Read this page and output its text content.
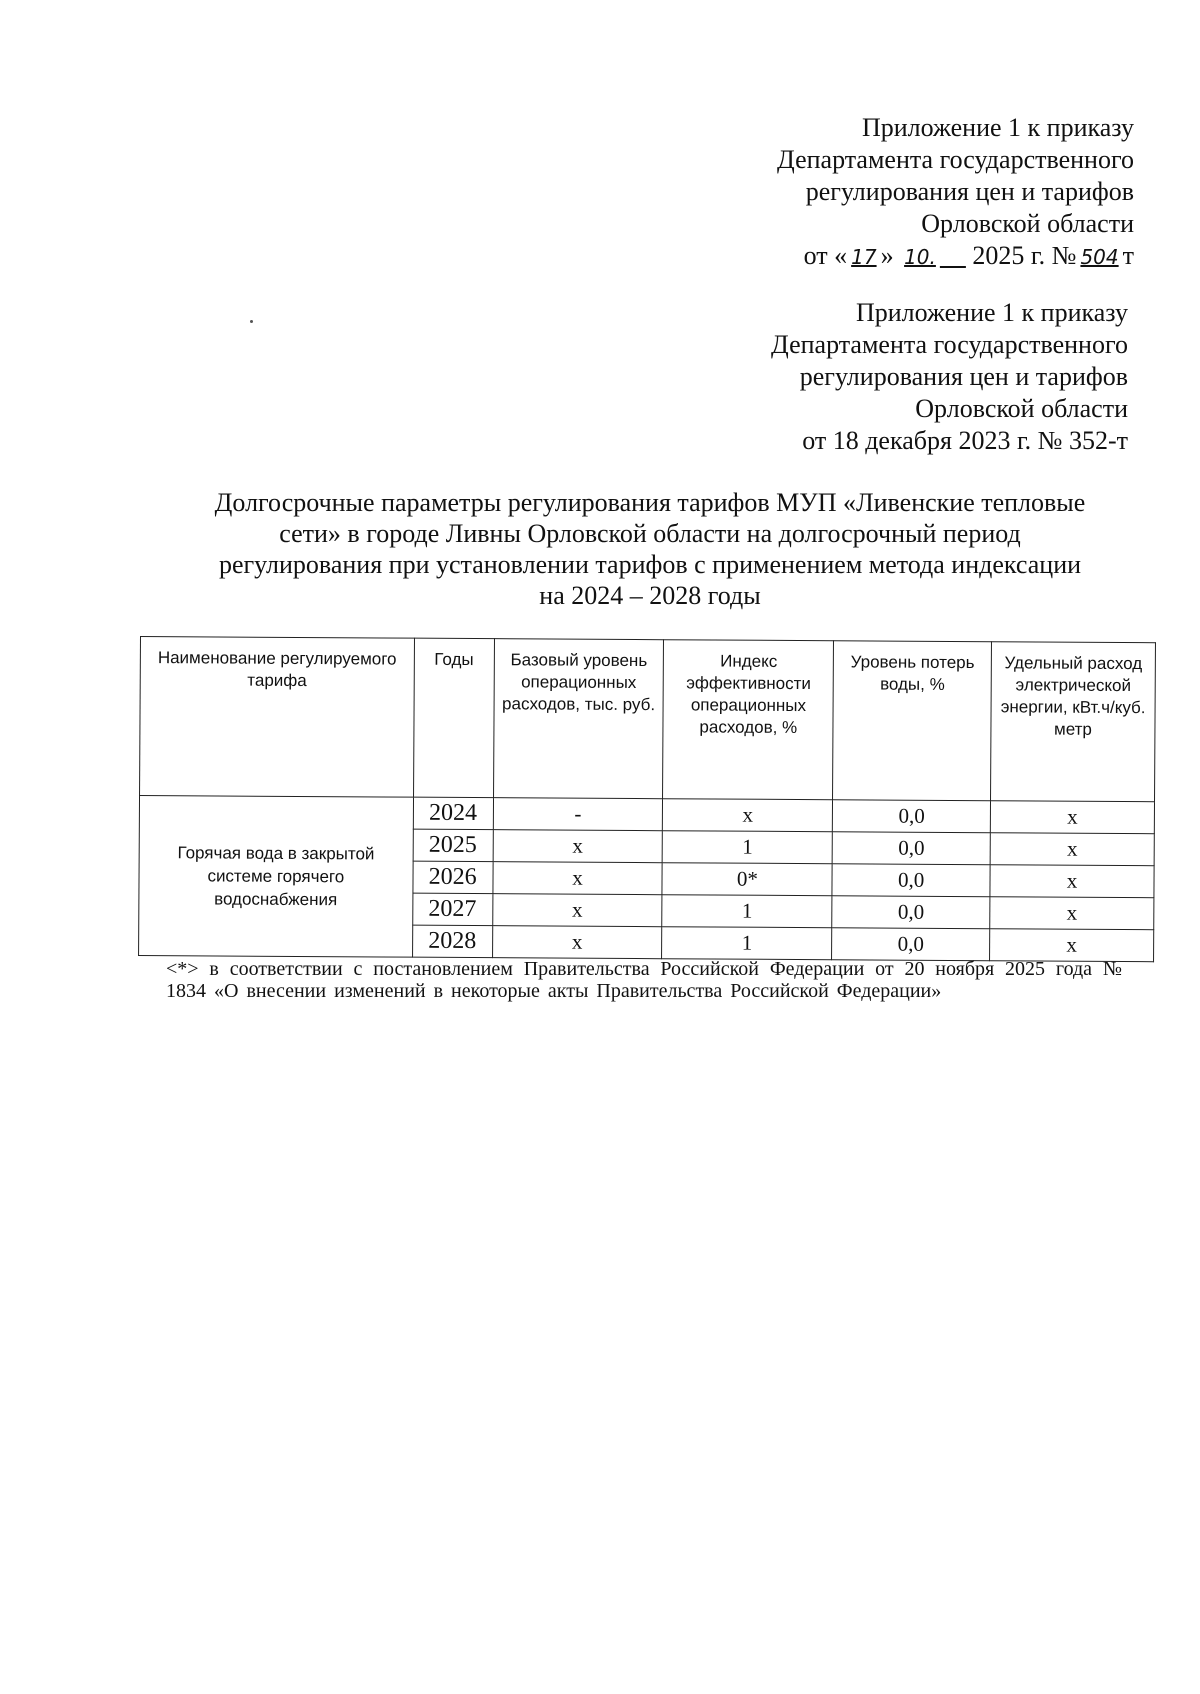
Приложение 1 к приказу
Департамента государственного
регулирования цен и тарифов
Орловской области
от « 17 » 10. 2025 г. № 504 т
Приложение 1 к приказу
Департамента государственного
регулирования цен и тарифов
Орловской области
от 18 декабря 2023 г. № 352-т
Долгосрочные параметры регулирования тарифов МУП «Ливенские тепловые
сети» в городе Ливны Орловской области на долгосрочный период
регулирования при установлении тарифов с применением метода индексации
на 2024 – 2028 годы
Наименование регулируемого тарифа	Годы	Базовый уровень операционных расходов, тыс. руб.	Индекс эффективности операционных расходов, %	Уровень потерь воды, %	Удельный расход электрической энергии, кВт.ч/куб. метр
Горячая вода в закрытой системе горячего водоснабжения	2024	-	х	0,0	х
	2025	х	1	0,0	х
	2026	х	0*	0,0	х
	2027	х	1	0,0	х
	2028	х	1	0,0	х
<*> в соответствии с постановлением Правительства Российской Федерации от 20 ноября 2025 года № 1834 «О внесении изменений в некоторые акты Правительства Российской Федерации»
